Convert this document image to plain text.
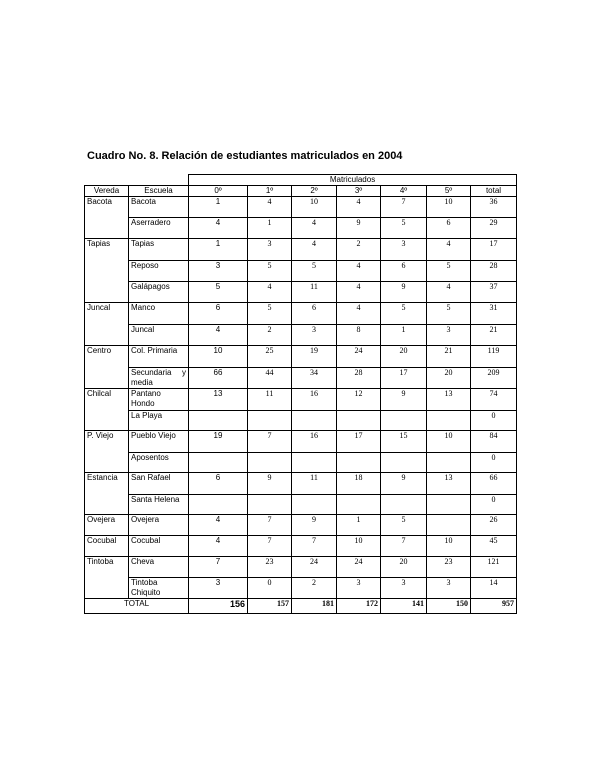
Cuadro No. 8. Relación de estudiantes matriculados en 2004
		Matriculados						
Vereda	Escuela	0º	1º	2º	3º	4º	5º	total
Bacota	Bacota	1	4	10	4	7	10	36
	Aserradero	4	1	4	9	5	6	29
Tapias	Tapias	1	3	4	2	3	4	17
	Reposo	3	5	5	4	6	5	28
	Galápagos	5	4	11	4	9	4	37
Juncal	Manco	6	5	6	4	5	5	31
	Juncal	4	2	3	8	1	3	21
Centro	Col. Primaria	10	25	19	24	20	21	119
	Secundaria y media	66	44	34	28	17	20	209
Chilcal	Pantano Hondo	13	11	16	12	9	13	74
	La Playa							0
P. Viejo	Pueblo Viejo	19	7	16	17	15	10	84
	Aposentos							0
Estancia	San Rafael	6	9	11	18	9	13	66
	Santa Helena							0
Ovejera	Ovejera	4	7	9	1	5		26
Cocubal	Cocubal	4	7	7	10	7	10	45
Tintoba	Cheva	7	23	24	24	20	23	121
	Tintoba Chiquito	3	0	2	3	3	3	14
TOTAL		156	157	181	172	141	150	957
